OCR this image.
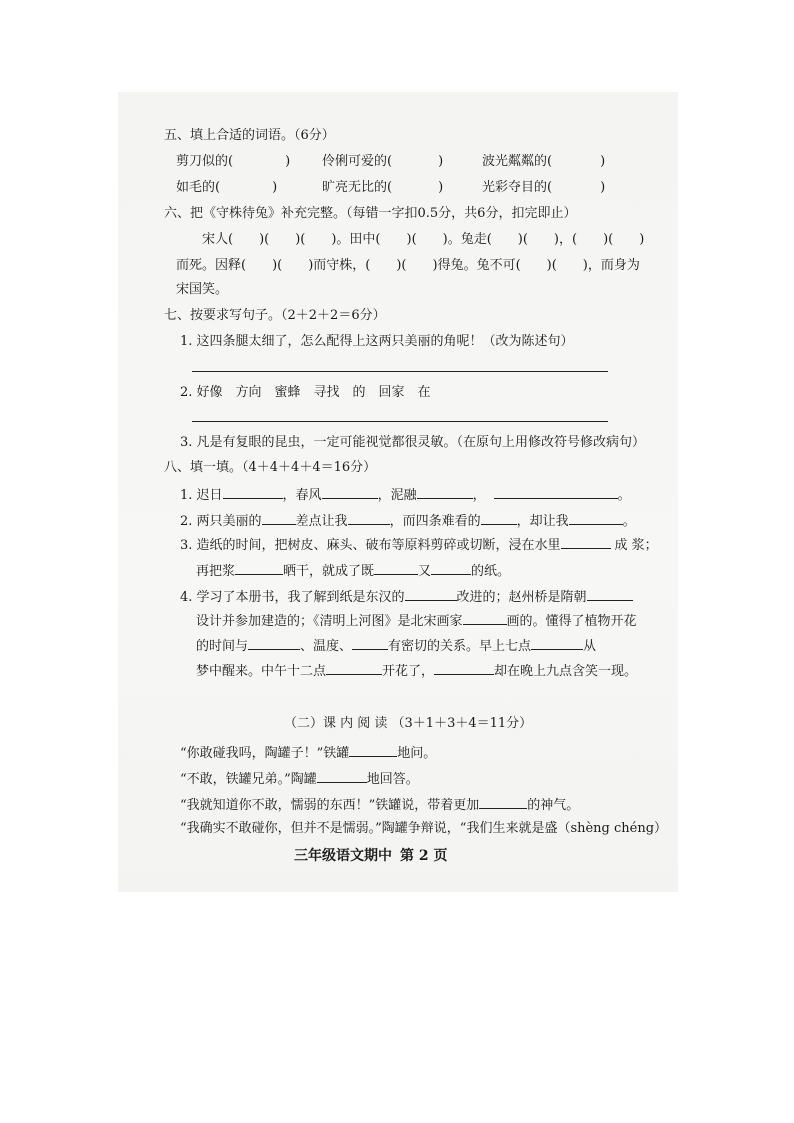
五、填上合适的词语。（6分）
剪刀似的(	) 伶俐可爱的(	)	波光粼粼的(	)
如毛的(	)	旷亮无比的(	)	光彩夺目的(	)
六、把《守株待兔》补充完整。（每错一字扣0.5分，共6分，扣完即止）
宋人(　　)(　　)(　　)。田中(　　)(　　)。兔走(　　)(　　)，(　　)(　　)
而死。因释(　　)(　　)而守株，(　　)(　　)得兔。兔不可(　　)(　　)，而身为
宋国笑。
七、按要求写句子。（2＋2＋2＝6分）
1. 这四条腿太细了，怎么配得上这两只美丽的角呢！（改为陈述句）
2. 好像　方向　蜜蜂　寻找　的　回家　在
3. 凡是有复眼的昆虫，一定可能视觉都很灵敏。（在原句上用修改符号修改病句）
八、填一填。（4＋4＋4＋4＝16分）
1. 迟日	，春风	，泥融	，	。
2. 两只美丽的	差点让我	，而四条难看的	，却让我	。
3. 造纸的时间，把树皮、麻头、破布等原料剪碎或切断，浸在水里	成 浆；
再把浆	晒干，就成了既	又	的纸。
4. 学习了本册书，我了解到纸是东汉的	改进的；赵州桥是隋朝
设计并参加建造的；《清明上河图》是北宋画家	画的。懂得了植物开花
的时间与	、温度、	有密切的关系。早上七点	从
梦中醒来。中午十二点	开花了，	却在晚上九点含笑一现。
（二）课 内 阅 读 （3＋1＋3＋4＝11分）
“你敢碰我吗，陶罐子！”铁罐	地问。
“不敢，铁罐兄弟。”陶罐	地回答。
“我就知道你不敢，懦弱的东西！”铁罐说，带着更加	的神气。
“我确实不敢碰你，但并不是懦弱。”陶罐争辩说，“我们生来就是盛（shèng chéng）
三年级语文期中 第 2 页
